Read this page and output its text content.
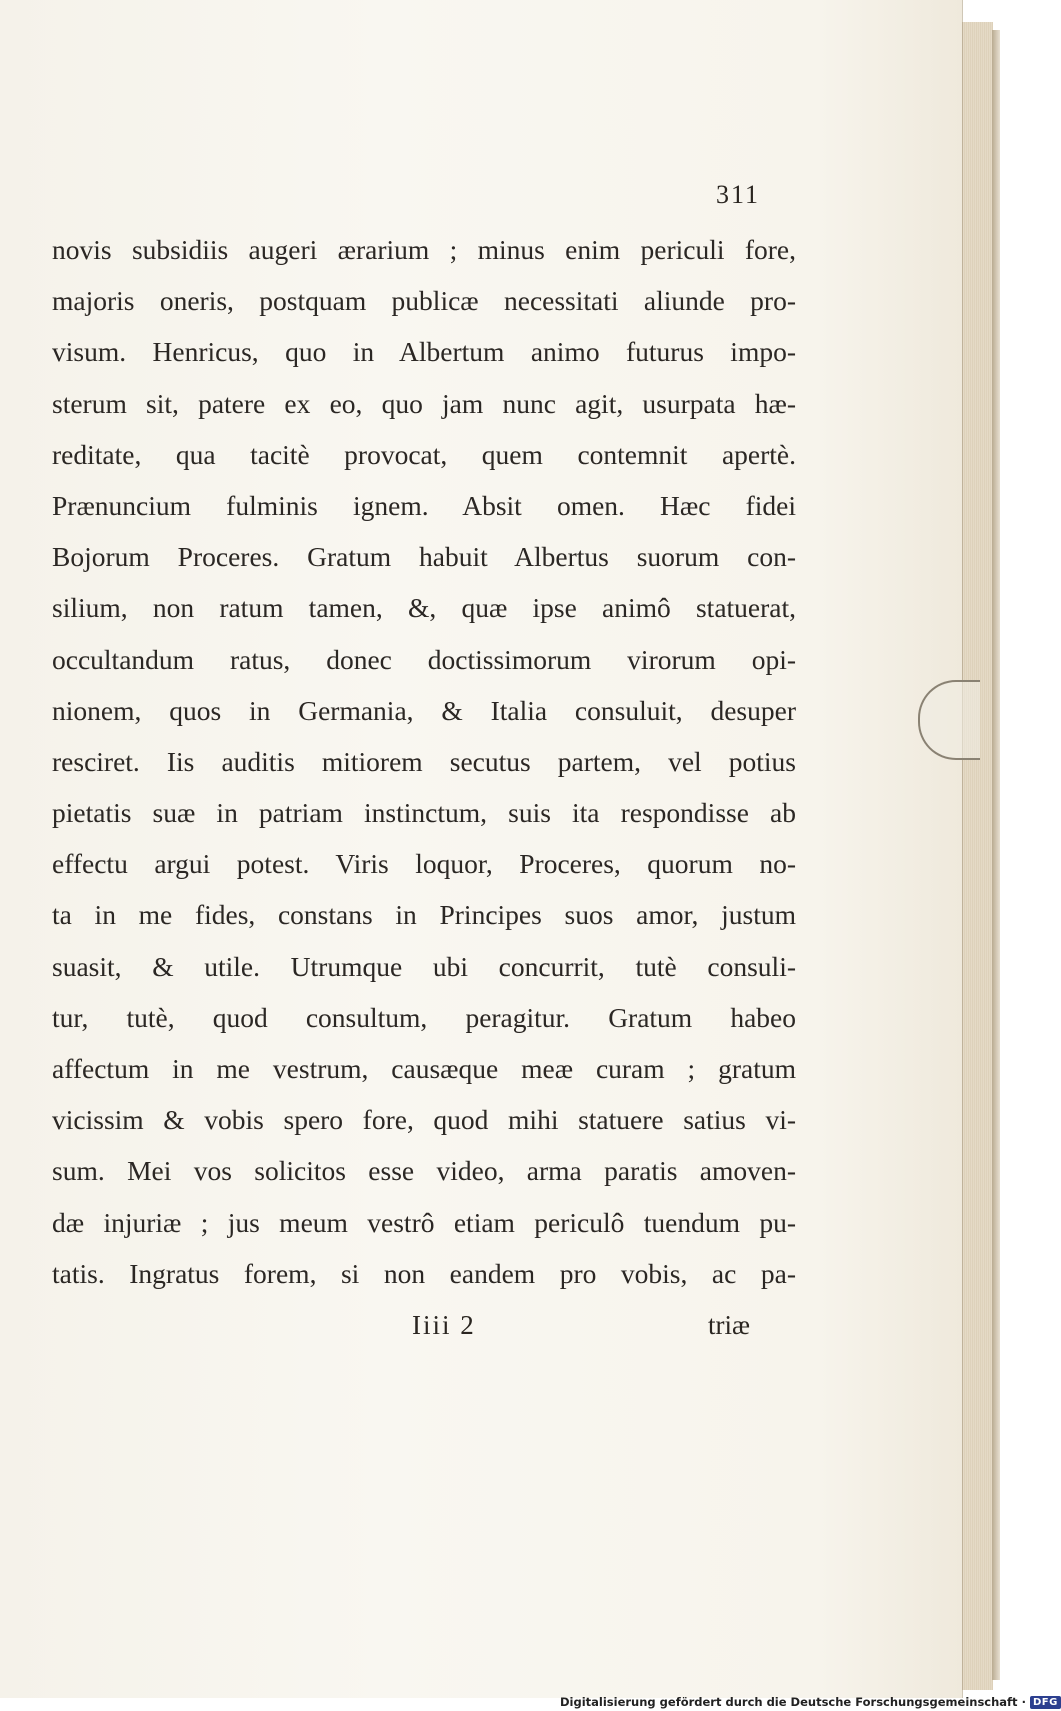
311
novis subsidiis augeri ærarium ; minus enim periculi fore,
majoris oneris, postquam publicæ necessitati aliunde pro-
visum. Henricus, quo in Albertum animo futurus impo-
sterum sit, patere ex eo, quo jam nunc agit, usurpata hæ-
reditate, qua tacitè provocat, quem contemnit apertè.
Prænuncium fulminis ignem. Absit omen. Hæc fidei
Bojorum Proceres. Gratum habuit Albertus suorum con-
silium, non ratum tamen, &, quæ ipse animô statuerat,
occultandum ratus, donec doctissimorum virorum opi-
nionem, quos in Germania, & Italia consuluit, desuper
resciret. Iis auditis mitiorem secutus partem, vel potius
pietatis suæ in patriam instinctum, suis ita respondisse ab
effectu argui potest. Viris loquor, Proceres, quorum no-
ta in me fides, constans in Principes suos amor, justum
suasit, & utile. Utrumque ubi concurrit, tutè consuli-
tur, tutè, quod consultum, peragitur. Gratum habeo
affectum in me vestrum, causæque meæ curam ; gratum
vicissim & vobis spero fore, quod mihi statuere satius vi-
sum. Mei vos solicitos esse video, arma paratis amoven-
dæ injuriæ ; jus meum vestrô etiam periculô tuendum pu-
tatis. Ingratus forem, si non eandem pro vobis, ac pa-
Iiii 2	triæ
Digitalisierung gefördert durch die Deutsche Forschungsgemeinschaft · DFG
